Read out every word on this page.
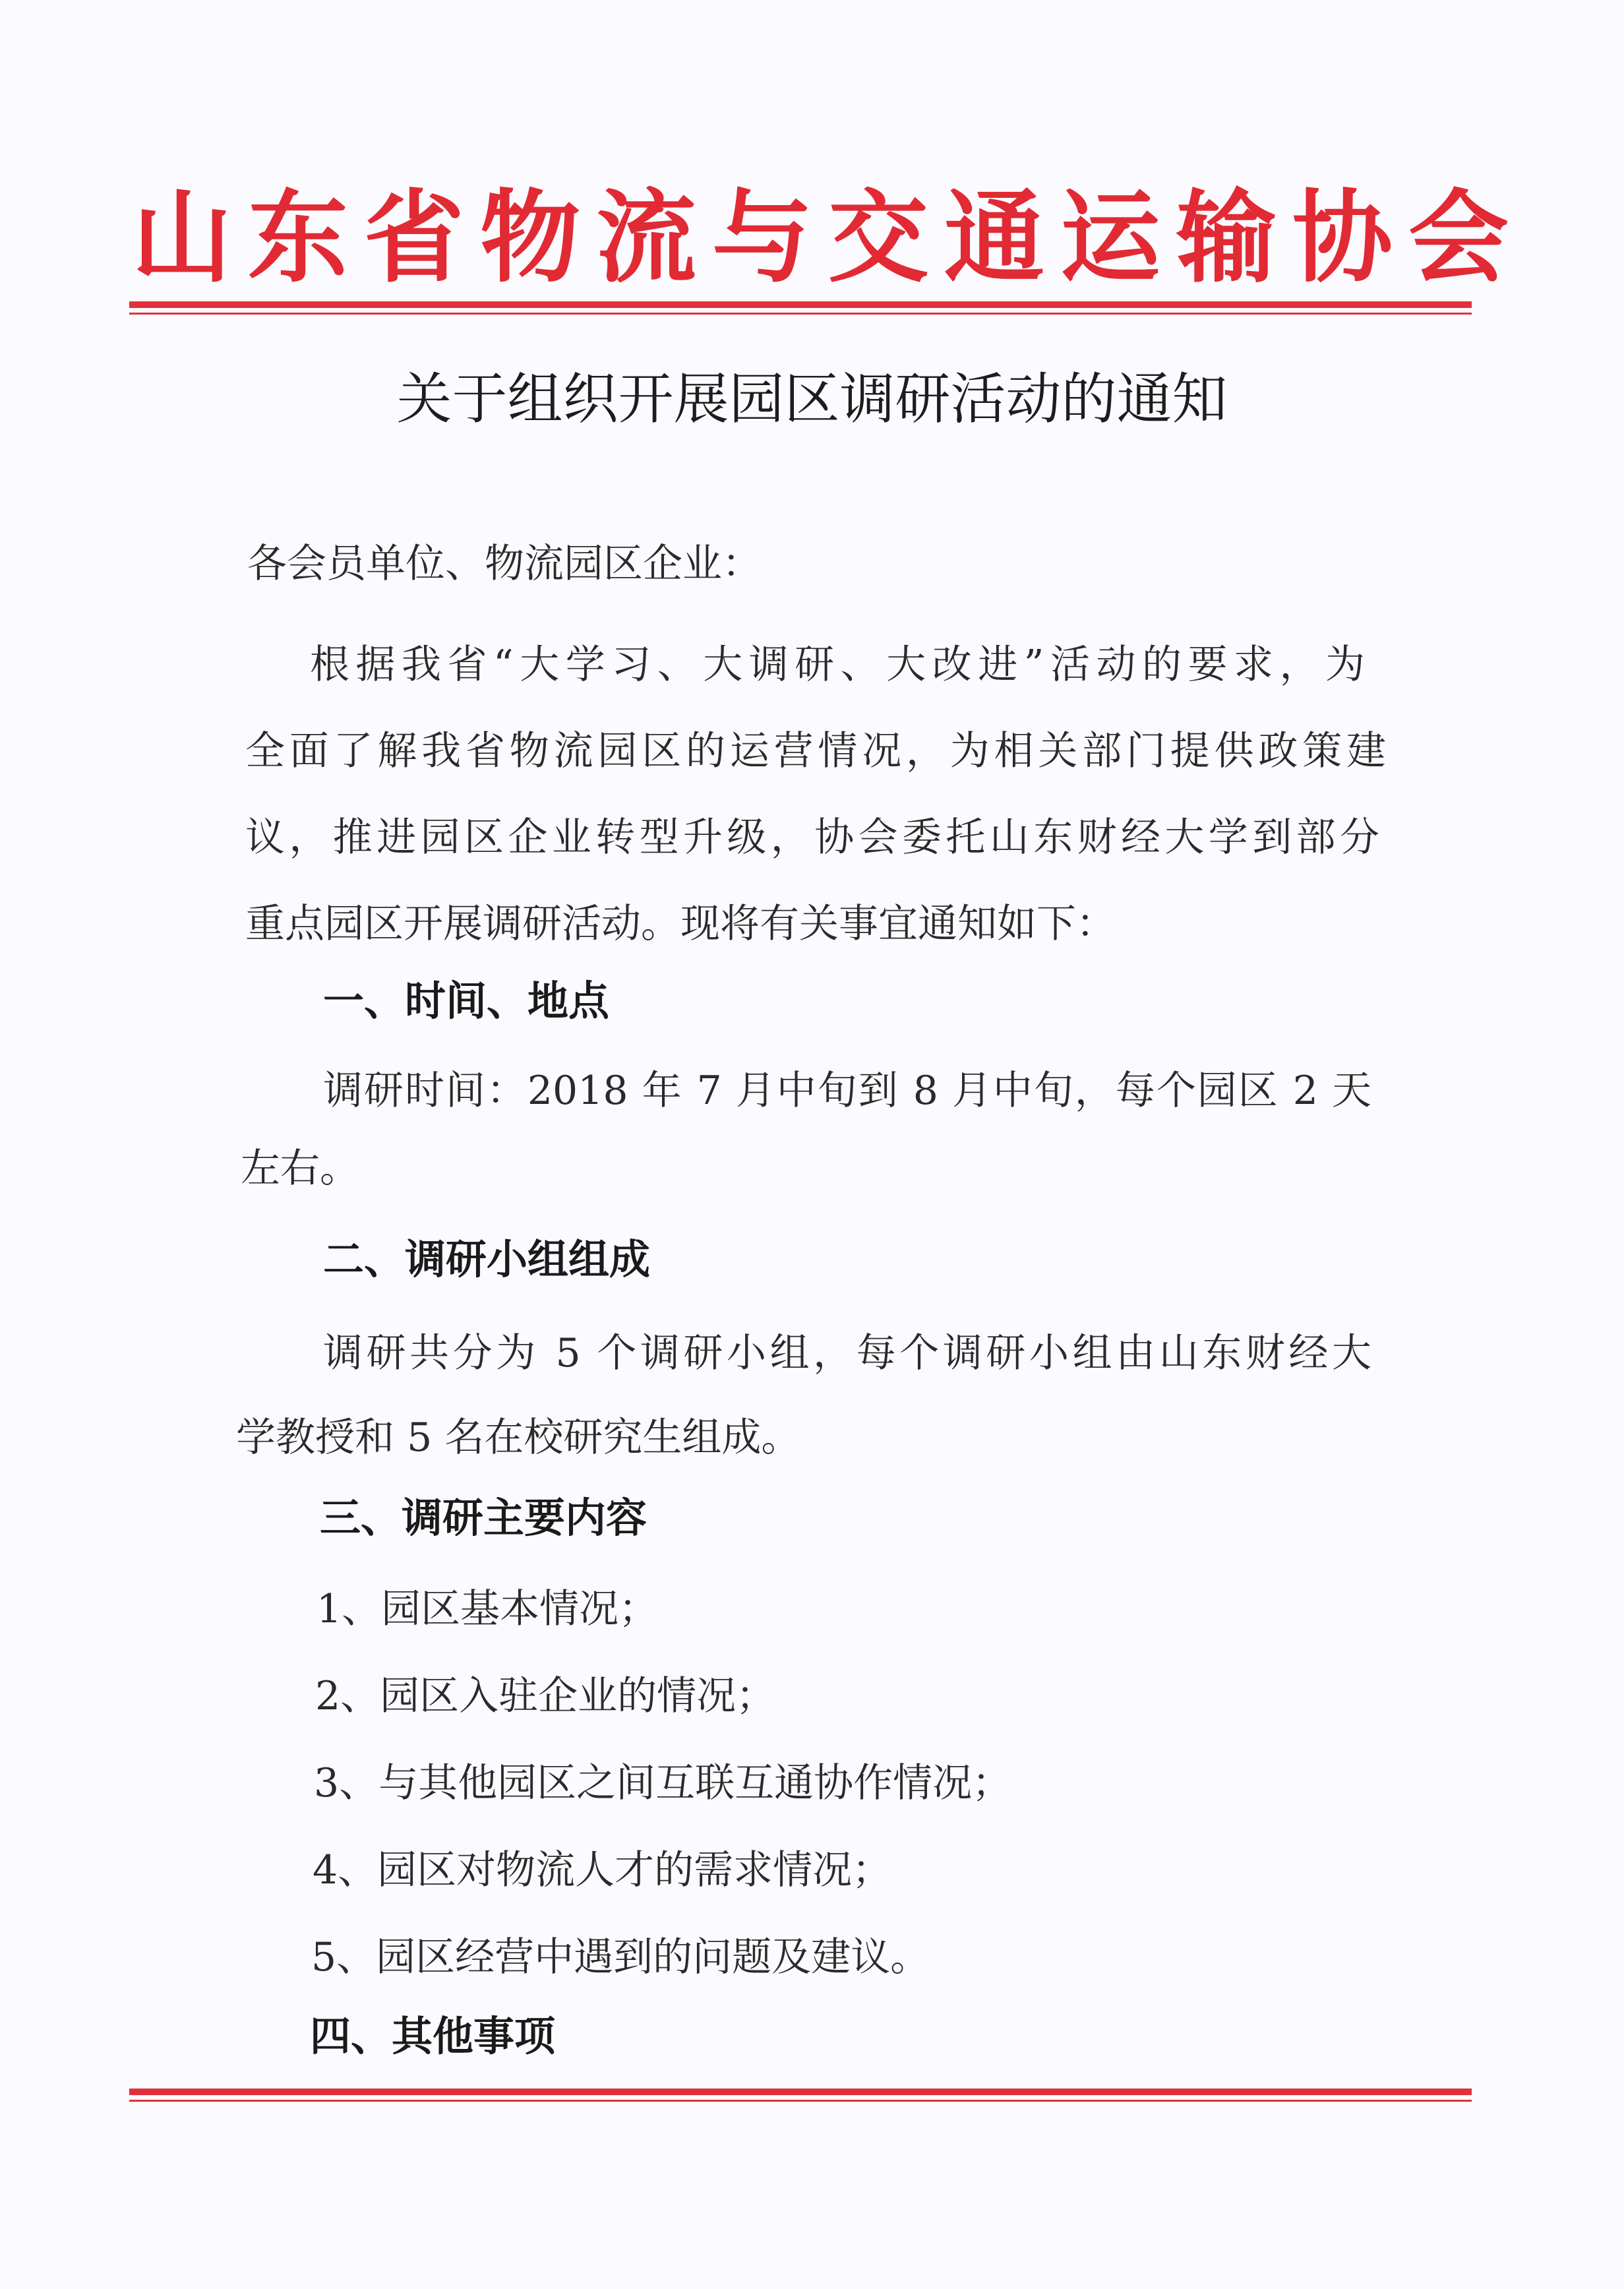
山东省物流与交通运输协会
关于组织开展园区调研活动的通知
各会员单位、物流园区企业：
根据我省“大学习、大调研、大改进”活动的要求，为
全面了解我省物流园区的运营情况，为相关部门提供政策建
议，推进园区企业转型升级，协会委托山东财经大学到部分
重点园区开展调研活动。现将有关事宜通知如下：
一、时间、地点
调研时间：2018 年 7 月中旬到 8 月中旬，每个园区 2 天
左右。
二、调研小组组成
调研共分为 5 个调研小组，每个调研小组由山东财经大
学教授和 5 名在校研究生组成。
三、调研主要内容
1、园区基本情况；
2、园区入驻企业的情况；
3、与其他园区之间互联互通协作情况；
4、园区对物流人才的需求情况；
5、园区经营中遇到的问题及建议。
四、其他事项
